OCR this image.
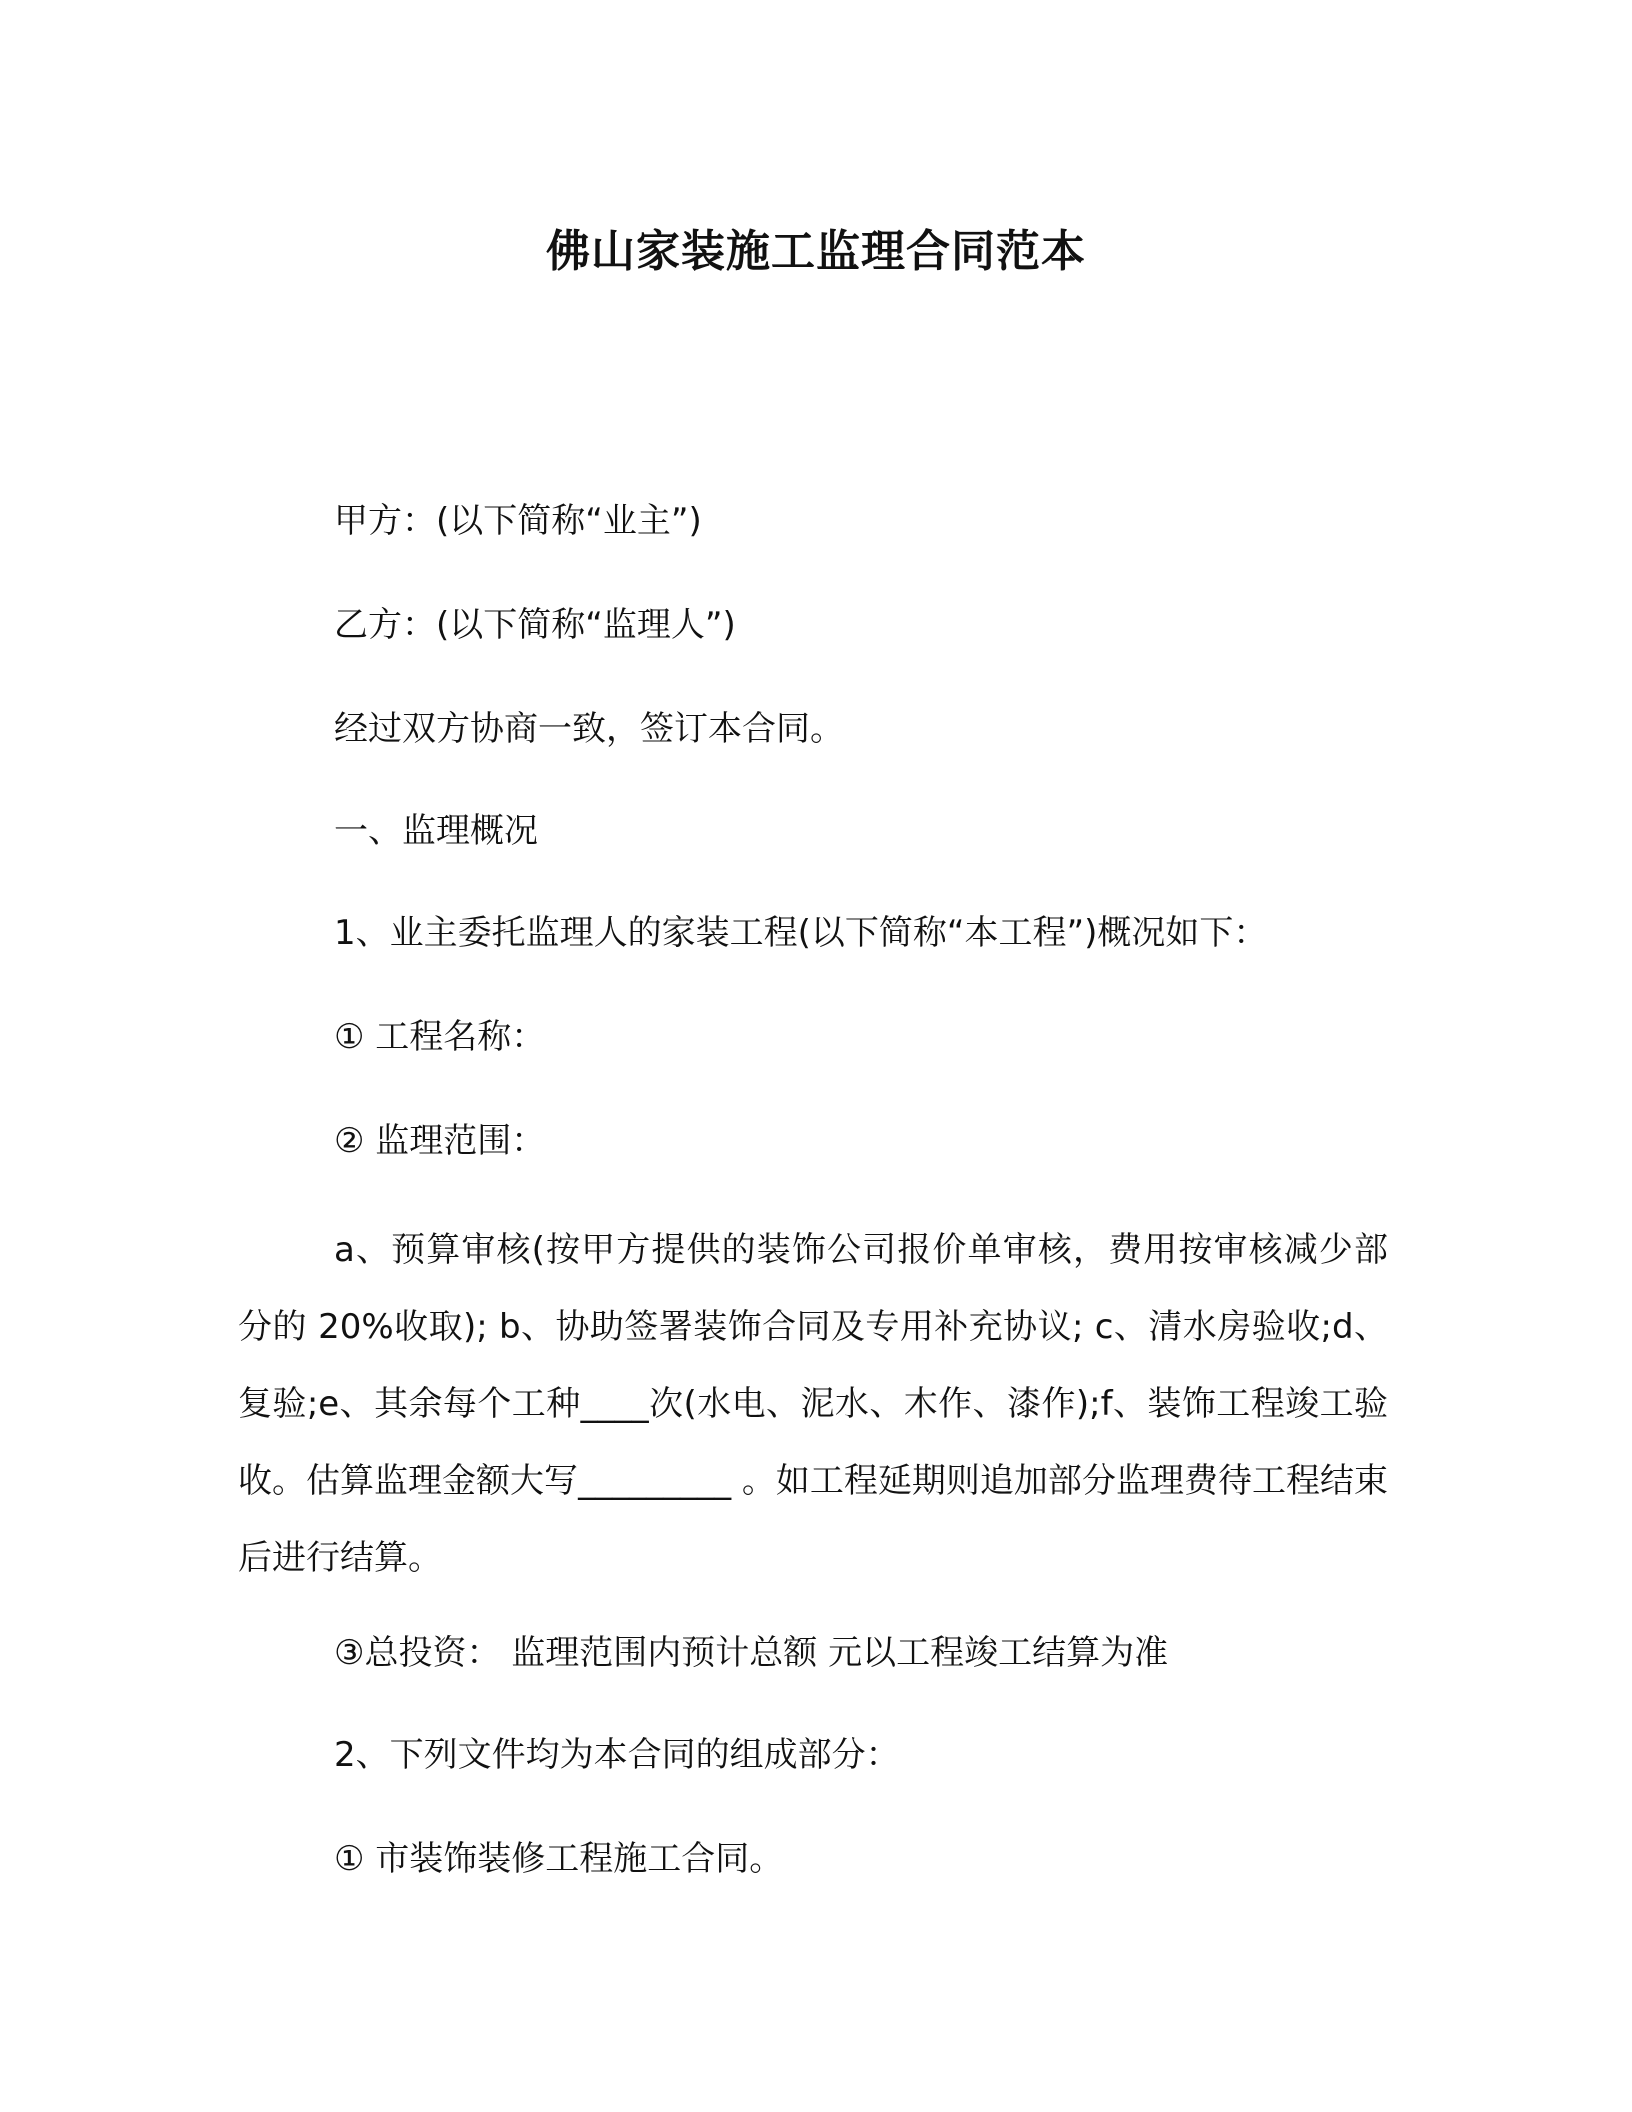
佛山家装施工监理合同范本
甲方：(以下简称“业主”)
乙方：(以下简称“监理人”)
经过双方协商一致，签订本合同。
一、监理概况
1、业主委托监理人的家装工程(以下简称“本工程”)概况如下：
① 工程名称：
② 监理范围：
a、预算审核(按甲方提供的装饰公司报价单审核，费用按审核减少部分的 20%收取); b、协助签署装饰合同及专用补充协议; c、清水房验收;d、复验;e、其余每个工种____次(水电、泥水、木作、漆作);f、装饰工程竣工验收。估算监理金额大写_________ 。如工程延期则追加部分监理费待工程结束后进行结算。
③总投资： 监理范围内预计总额 元以工程竣工结算为准
2、下列文件均为本合同的组成部分：
① 市装饰装修工程施工合同。
